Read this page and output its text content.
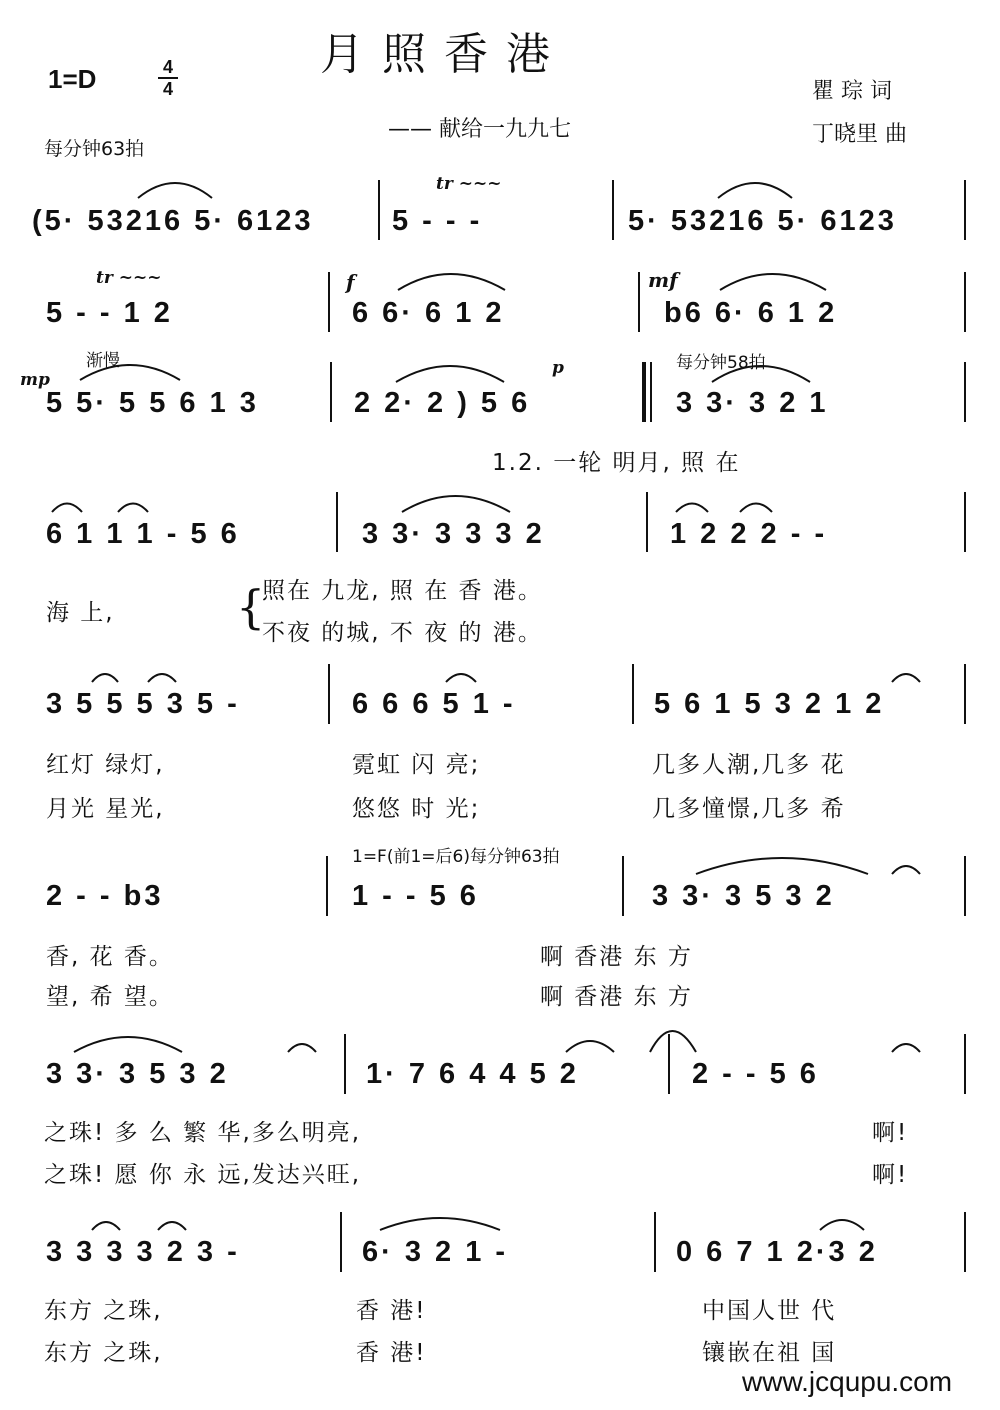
月照香港
1=D	4
4
—— 献给一九九七
每分钟63拍
瞿 琮 词
丁晓里 曲
tr ~~~
(5· 53216 5· 6123	5 - - -	5· 53216 5· 6123
tr ~~~	f	mf
5 - - 1 2	6 6· 6 1 2	b6 6· 6 1 2
mp
渐慢	p	每分钟58拍
5 5· 5 5 6 1 3	2 2· 2 ) 5 6	3 3· 3 2 1
1.2. 一轮 明月, 照 在
6 1 1 1 - 5 6	3 3· 3 3 3 2	1 2 2 2 - -
海 上,	{
照在 九龙, 照 在 香 港。
不夜 的城, 不 夜 的 港。
3 5 5 5 3 5 -	6 6 6 5 1 -	5 6 1 5 3 2 1 2
红灯 绿灯,	霓虹 闪 亮;	几多人潮,几多 花
月光 星光,	悠悠 时 光;	几多憧憬,几多 希
1=F(前1=后6)每分钟63拍
2 - - b3	1 - - 5 6	3 3· 3 5 3 2
香, 花 香。	啊 香港 东 方
望, 希 望。	啊 香港 东 方
3 3· 3 5 3 2	1· 7 6 4 4 5 2	2 - - 5 6
之珠! 多 么 繁 华,多么明亮,	啊!
之珠! 愿 你 永 远,发达兴旺,	啊!
3 3 3 3 2 3 -	6· 3 2 1 -	0 6 7 1 2·3 2
东方 之珠,	香 港!	中国人世 代
东方 之珠,	香 港!	镶嵌在祖 国
www.jcqupu.com
